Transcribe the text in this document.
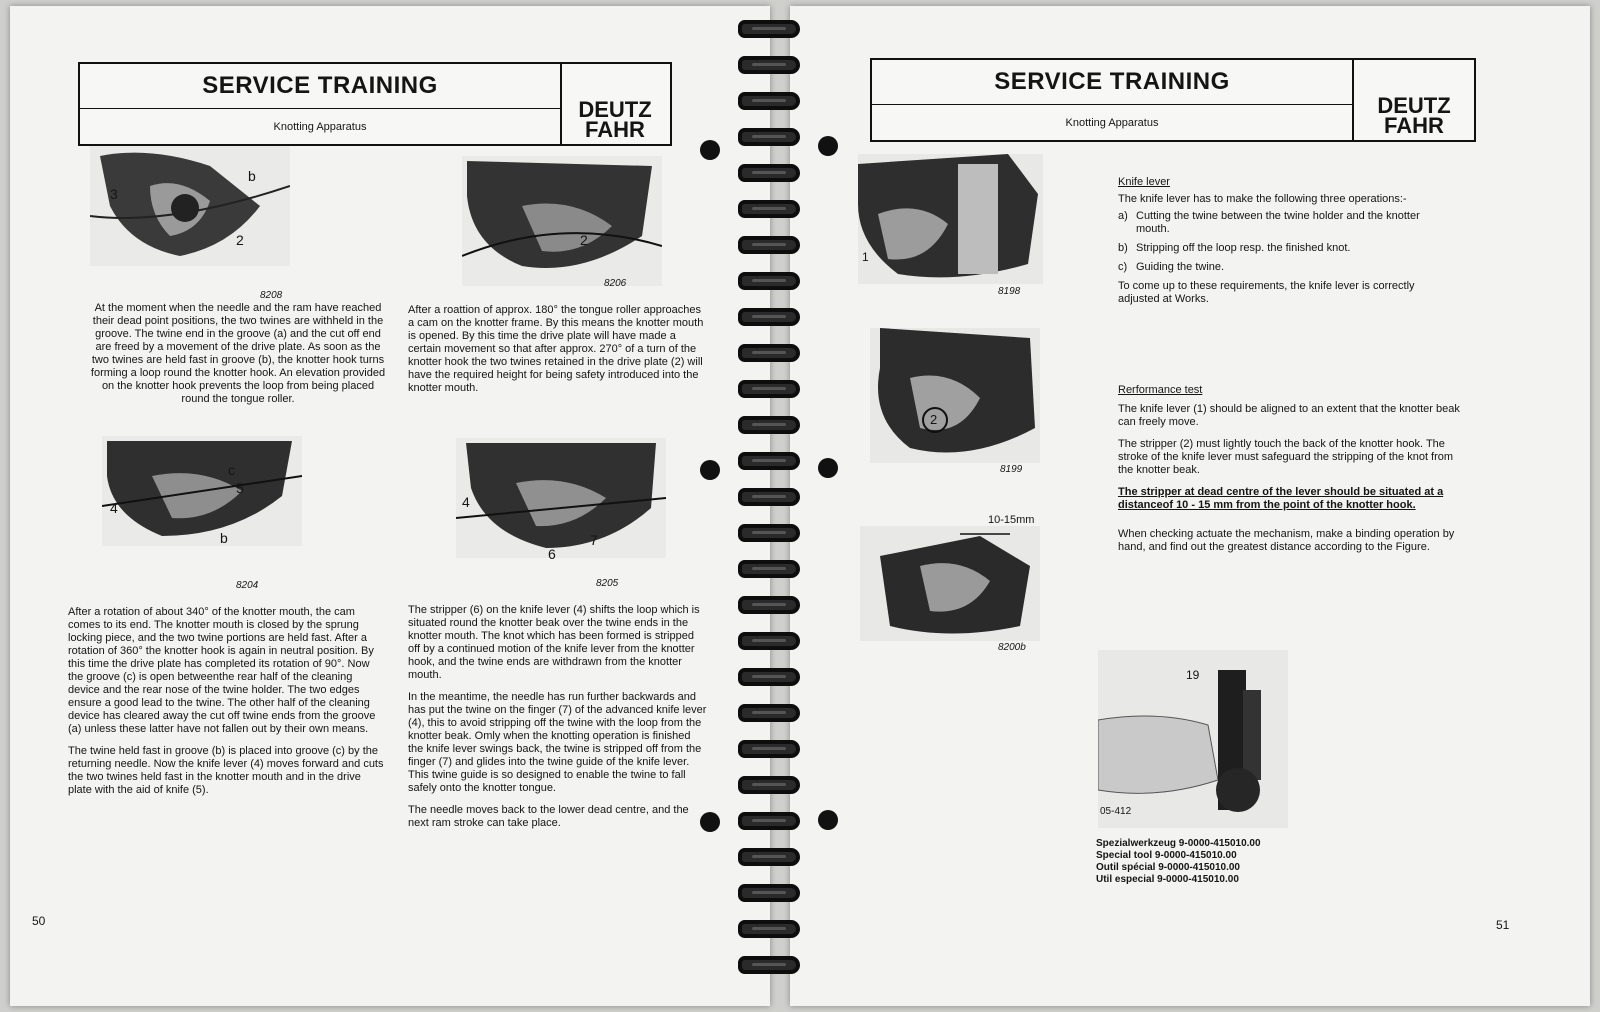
SERVICE TRAINING
Knotting Apparatus
DEUTZ
FAHR
3
b
2
8208
2
8206

At the moment when the needle and the ram have reached their dead point positions, the two twines are withheld in the groove. The twine end in the groove (a) and the cut off end are freed by a movement of the drive plate. As soon as the two twines are held fast in groove (b), the knotter hook turns forming a loop round the knotter hook. An elevation provided on the knotter hook prevents the loop from being placed round the tongue roller.

After a roattion of approx. 180° the tongue roller approaches a cam on the knotter frame. By this means the knotter mouth is opened. By this time the drive plate will have made a certain movement so that after approx. 270° of a turn of the knotter hook the two twines retained in the drive plate (2) will have the required height for being safety introduced into the knotter mouth.

c
5
4
b
8204
4
6
7
8205

After a rotation of about 340° of the knotter mouth, the cam comes to its end. The knotter mouth is closed by the sprung locking piece, and the two twine portions are held fast. After a rotation of 360° the knotter hook is again in neutral position. By this time the drive plate has completed its rotation of 90°. Now the groove (c) is open betweenthe rear half of the cleaning device and the rear nose of the twine holder. The two edges ensure a good lead to the twine. The other half of the cleaning device has cleared away the cut off twine ends from the groove (a) unless these latter have not fallen out by their own means.

The twine held fast in groove (b) is placed into groove (c) by the returning needle. Now the knife lever (4) moves forward and cuts the two twines held fast in the knotter mouth and in the drive plate with the aid of knife (5).

The stripper (6) on the knife lever (4) shifts the loop which is situated round the knotter beak over the twine ends in the knotter mouth. The knot which has been formed is stripped off by a continued motion of the knife lever from the knotter hook, and the twine ends are withdrawn from the knotter mouth.

In the meantime, the needle has run further backwards and has put the twine on the finger (7) of the advanced knife lever (4), this to avoid stripping off the twine with the loop from the knotter beak. Omly when the knotting operation is finished the knife lever swings back, the twine is stripped off from the finger (7) and glides into the twine guide of the knife lever. This twine guide is so designed to enable the twine to fall safely onto the knotter tongue.

The needle moves back to the lower dead centre, and the next ram stroke can take place.

50
SERVICE TRAINING
Knotting Apparatus
DEUTZ
FAHR
1
8198
2
8199
10-15mm
8200b

Knife lever

The knife lever has to make the following three operations:-

a) Cutting the twine between the twine holder and the knotter mouth.
b) Stripping off the loop resp. the finished knot.
c) Guiding the twine.

To come up to these requirements, the knife lever is correctly adjusted at Works.

Rerformance test

The knife lever (1) should be aligned to an extent that the knotter beak can freely move.

The stripper (2) must lightly touch the back of the knotter hook. The stroke of the knife lever must safeguard the stripping of the knot from the knotter beak.

The stripper at dead centre of the lever should be situated at a distanceof 10 - 15 mm from the point of the knotter hook.

When checking actuate the mechanism, make a binding operation by hand, and find out the greatest distance according to the Figure.

19
05-412
Spezialwerkzeug 9-0000-415010.00
Special tool 9-0000-415010.00
Outil spécial 9-0000-415010.00
Util especial 9-0000-415010.00
51
